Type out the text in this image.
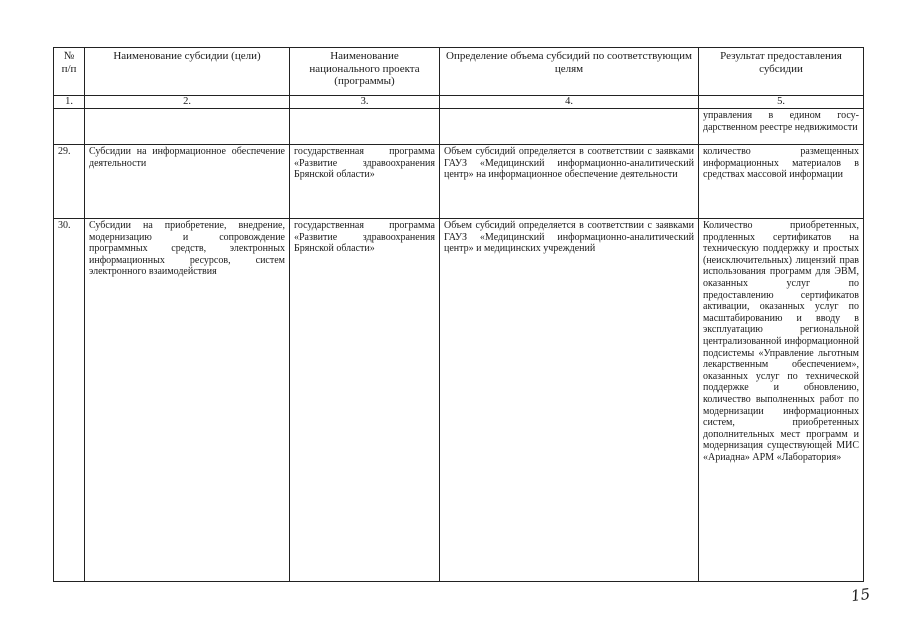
№ п/п	Наименование субсидии (цели)	Наименование национального проекта (программы)	Определение объема субсидий по соответствующим целям	Результат предоставления субсидии
1.	2.	3.	4.	5.
				управления в едином госу-дарственном реестре недвижимости
29.	Субсидии на информационное обеспечение деятельности	государственная программа «Развитие здравоохранения Брянской области»	Объем субсидий определяется в соответствии с заявками ГАУЗ «Медицинский информационно-аналитический центр» на информационное обеспечение деятельности	количество размещенных информационных материалов в средствах массовой информации
30.	Субсидии на приобретение, внедрение, модернизацию и сопровождение программных средств, электронных информационных ресурсов, систем электронного взаимодействия	государственная программа «Развитие здравоохранения Брянской области»	Объем субсидий определяется в соответствии с заявками ГАУЗ «Медицинский информационно-аналитический центр» и медицинских учреждений	Количество приобретенных, продленных сертификатов на техническую поддержку и простых (неисключительных) лицензий прав использования программ для ЭВМ, оказанных услуг по предоставлению сертификатов активации, оказанных услуг по масштабированию и вводу в эксплуатацию региональной централизованной информационной подсистемы «Управление льготным лекарственным обеспечением», оказанных услуг по технической поддержке и обновлению, количество выполненных работ по модернизации информационных систем, приобретенных дополнительных мест программ и модернизация существующей МИС «Ариадна» АРМ «Лаборатория»
15
